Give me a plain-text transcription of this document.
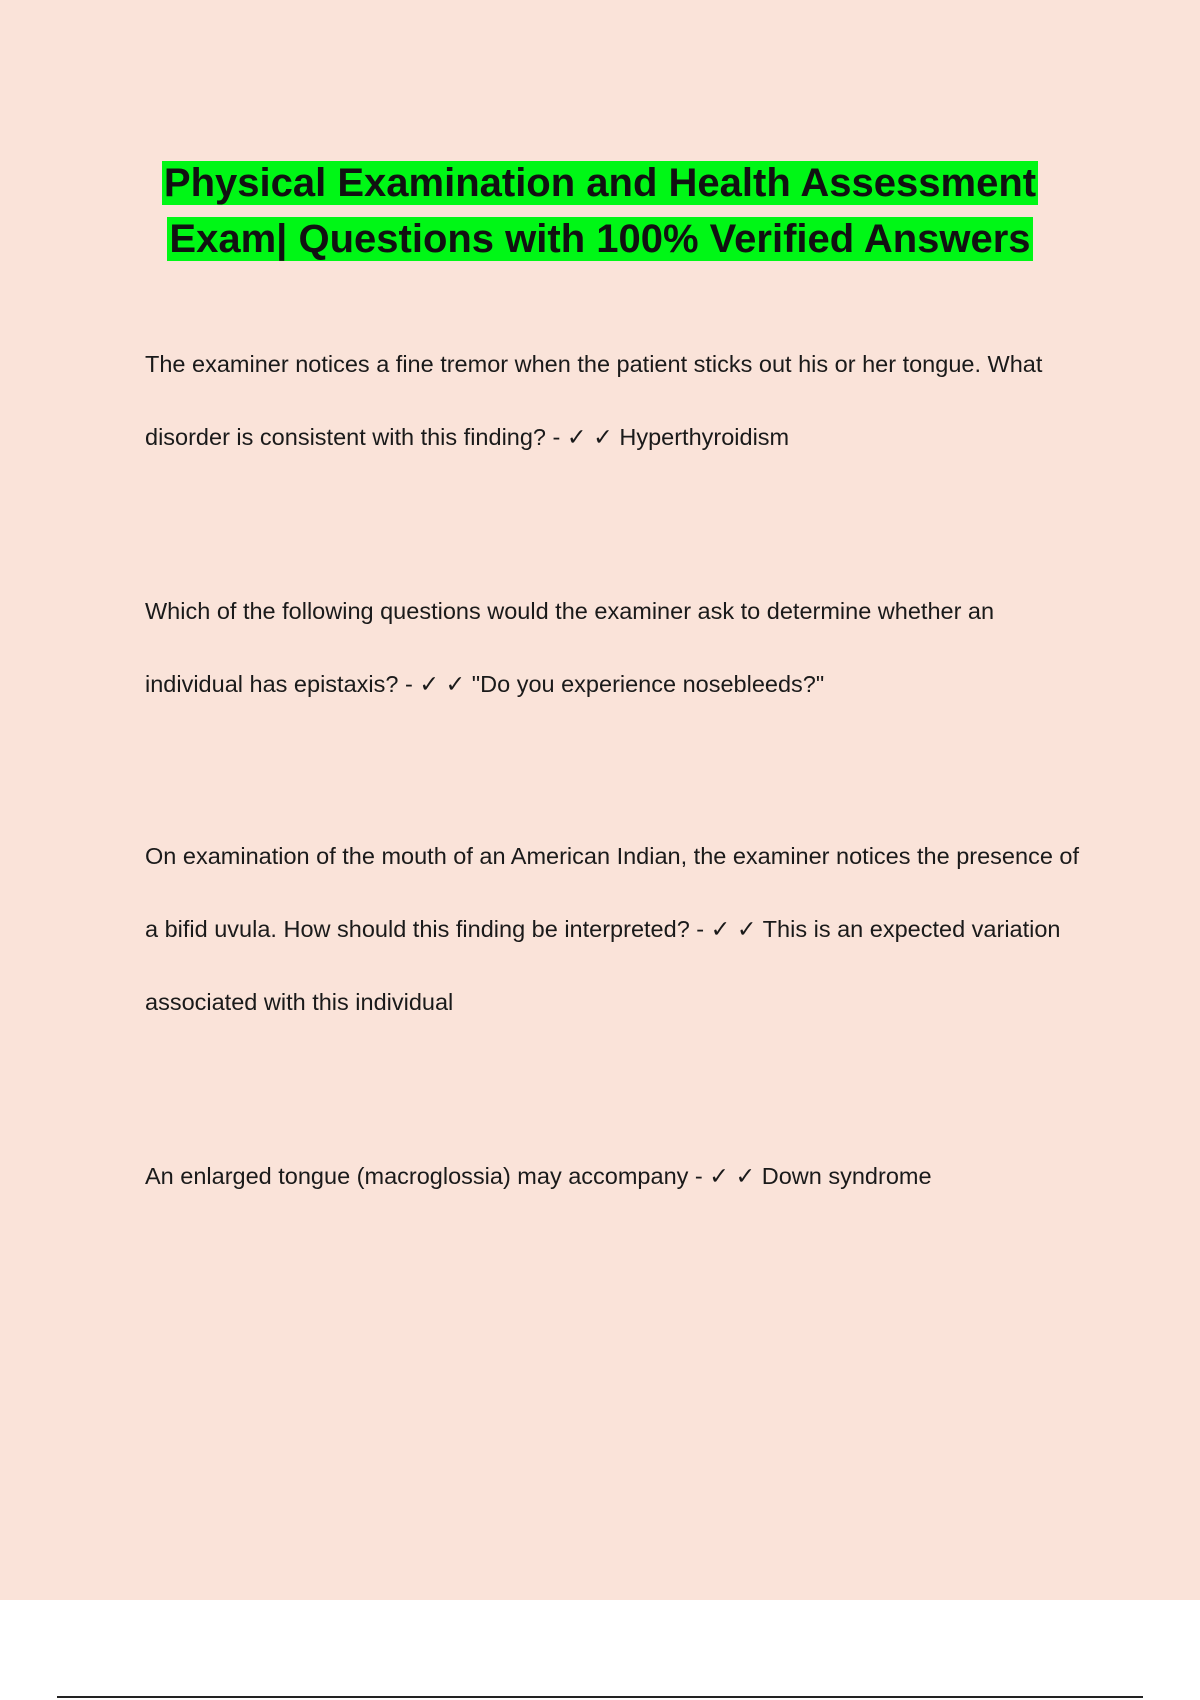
Physical Examination and Health Assessment
Exam| Questions with 100% Verified Answers
The examiner notices a fine tremor when the patient sticks out his or her tongue. What disorder is consistent with this finding? - ✓ ✓ Hyperthyroidism
Which of the following questions would the examiner ask to determine whether an individual has epistaxis? - ✓ ✓ "Do you experience nosebleeds?"
On examination of the mouth of an American Indian, the examiner notices the presence of a bifid uvula. How should this finding be interpreted? - ✓ ✓ This is an expected variation associated with this individual
An enlarged tongue (macroglossia) may accompany - ✓ ✓ Down syndrome
